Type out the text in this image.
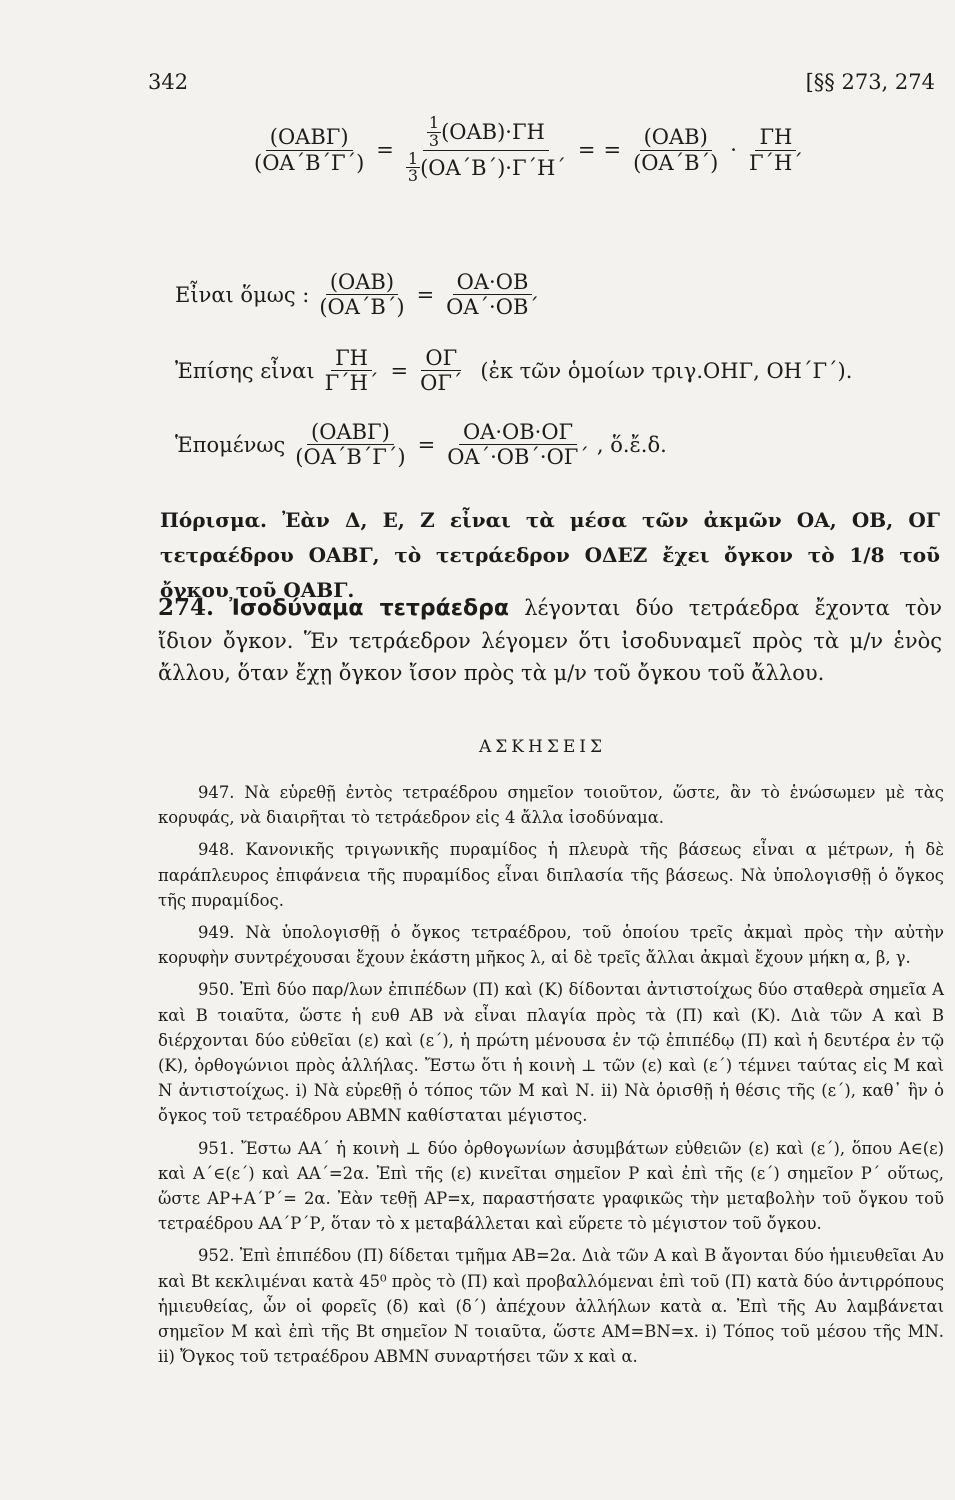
342	[§§ 273, 274
$\frac{\text{(ΟΑΒΓ)}}{(OA΄B΄\Gamma΄)} = \frac{\frac{1}{3} (OAB)\cdot\Gamma H}{\frac{1}{3} (OA΄B΄)\cdot\Gamma΄H΄}$ = = $\frac{\text{(ΟΑΒ)}}{(OA΄B΄)} \cdot \frac{\Gamma H}{\Gamma΄H΄}$
Εἶναι ὅμως : $\frac{\text{(ΟΑΒ)}}{(OA΄B΄)} = \frac{OA\cdot OB}{OA΄\cdot OB΄}$
Ἐπίσης εἶναι $\frac{\Gamma H}{\Gamma΄H΄} = \frac{O\Gamma}{O\Gamma΄}$ (ἐκ τῶν ὁμοίων τριγ.ΟΗΓ, ΟΗ΄Γ΄).
Ἑπομένως $\frac{\text{(ΟΑΒΓ)}}{(OA΄B΄\Gamma΄)} = \frac{OA\cdot OB\cdot O\Gamma}{OA΄\cdot OB΄\cdot O\Gamma΄}$ , ὅ.ἔ.δ.
Πόρισμα. Ἐὰν Δ, Ε, Ζ εἶναι τὰ μέσα τῶν ἀκμῶν ΟΑ, ΟΒ, ΟΓ τετραέδρου ΟΑΒΓ, τὸ τετράεδρον ΟΔΕΖ ἔχει ὄγκον τὸ 1/8 τοῦ ὄγκου τοῦ ΟΑΒΓ.
274. Ἰσοδύναμα τετράεδρα λέγονται δύο τετράεδρα ἔχοντα τὸν ἴδιον ὄγκον. Ἕν τετράεδρον λέγομεν ὅτι ἰσοδυναμεῖ πρὸς τὰ μ/ν ἑνὸς ἄλλου, ὅταν ἔχῃ ὄγκον ἴσον πρὸς τὰ μ/ν τοῦ ὄγκου τοῦ ἄλλου.
ΑΣΚΗΣΕΙΣ

947. Νὰ εὑρεθῇ ἐντὸς τετραέδρου σημεῖον τοιοῦτον, ὥστε, ἂν τὸ ἑνώσωμεν μὲ τὰς κορυφάς, νὰ διαιρῆται τὸ τετράεδρον εἰς 4 ἄλλα ἰσοδύναμα.

948. Κανονικῆς τριγωνικῆς πυραμίδος ἡ πλευρὰ τῆς βάσεως εἶναι α μέτρων, ἡ δὲ παράπλευρος ἐπιφάνεια τῆς πυραμίδος εἶναι διπλασία τῆς βάσεως. Νὰ ὑπολογισθῇ ὁ ὄγκος τῆς πυραμίδος.

949. Νὰ ὑπολογισθῇ ὁ ὄγκος τετραέδρου, τοῦ ὁποίου τρεῖς ἀκμαὶ πρὸς τὴν αὐτὴν κορυφὴν συντρέχουσαι ἔχουν ἑκάστη μῆκος λ, αἱ δὲ τρεῖς ἄλλαι ἀκμαὶ ἔχουν μήκη α, β, γ.

950. Ἐπὶ δύο παρ/λων ἐπιπέδων (Π) καὶ (Κ) δίδονται ἀντιστοίχως δύο σταθερὰ σημεῖα Α καὶ Β τοιαῦτα, ὥστε ἡ ευθ ΑΒ νὰ εἶναι πλαγία πρὸς τὰ (Π) καὶ (Κ). Διὰ τῶν Α καὶ Β διέρχονται δύο εὐθεῖαι (ε) καὶ (ε΄), ἡ πρώτη μένουσα ἐν τῷ ἐπιπέδῳ (Π) καὶ ἡ δευτέρα ἐν τῷ (Κ), ὀρθογώνιοι πρὸς ἀλλήλας. Ἔστω ὅτι ἡ κοινὴ ⊥ τῶν (ε) καὶ (ε΄) τέμνει ταύτας εἰς Μ καὶ Ν ἀντιστοίχως. i) Νὰ εὑρεθῇ ὁ τόπος τῶν Μ καὶ Ν. ii) Νὰ ὁρισθῇ ἡ θέσις τῆς (ε΄), καθ᾽ ἣν ὁ ὄγκος τοῦ τετραέδρου ΑΒΜΝ καθίσταται μέγιστος.

951. Ἔστω ΑΑ΄ ἡ κοινὴ ⊥ δύο ὀρθογωνίων ἀσυμβάτων εὐθειῶν (ε) καὶ (ε΄), ὅπου Α∈(ε) καὶ Α΄∈(ε΄) καὶ ΑΑ΄=2α. Ἐπὶ τῆς (ε) κινεῖται σημεῖον Ρ καὶ ἐπὶ τῆς (ε΄) σημεῖον Ρ΄ οὕτως, ὥστε ΑΡ+Α΄Ρ΄= 2α. Ἐὰν τεθῇ ΑΡ=x, παραστήσατε γραφικῶς τὴν μεταβολὴν τοῦ ὄγκου τοῦ τετραέδρου ΑΑ΄Ρ΄Ρ, ὅταν τὸ x μεταβάλλεται καὶ εὕρετε τὸ μέγιστον τοῦ ὄγκου.

952. Ἐπὶ ἐπιπέδου (Π) δίδεται τμῆμα ΑΒ=2α. Διὰ τῶν Α καὶ Β ἄγονται δύο ἡμιευθεῖαι Αυ καὶ Βt κεκλιμέναι κατὰ 45⁰ πρὸς τὸ (Π) καὶ προβαλλόμεναι ἐπὶ τοῦ (Π) κατὰ δύο ἀντιρρόπους ἡμιευθείας, ὧν οἱ φορεῖς (δ) καὶ (δ΄) ἀπέχουν ἀλλήλων κατὰ α. Ἐπὶ τῆς Αυ λαμβάνεται σημεῖον Μ καὶ ἐπὶ τῆς Βt σημεῖον Ν τοιαῦτα, ὥστε ΑΜ=ΒΝ=x. i) Τόπος τοῦ μέσου τῆς ΜΝ. ii) Ὄγκος τοῦ τετραέδρου ΑΒΜΝ συναρτήσει τῶν x καὶ α.
